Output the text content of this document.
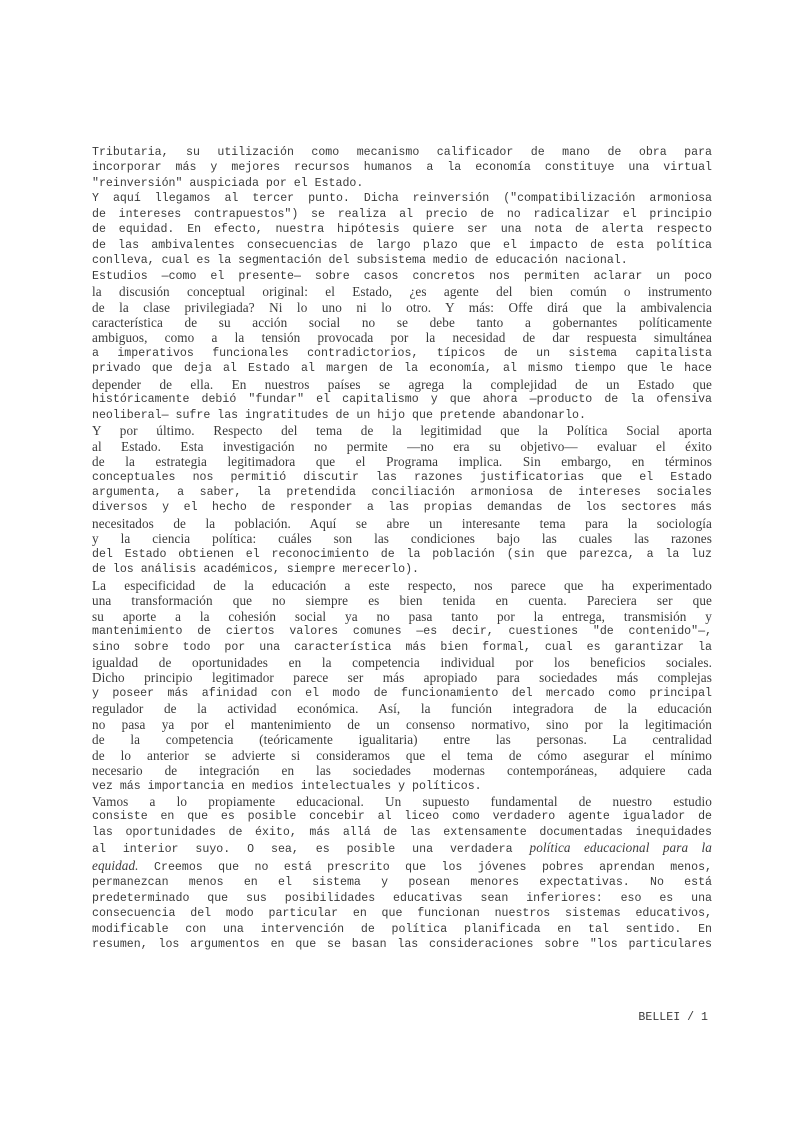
Tributaria, su utilización como mecanismo calificador de mano de obra para
incorporar más y mejores recursos humanos a la economía constituye una virtual
"reinversión" auspiciada por el Estado.
Y aquí llegamos al tercer punto. Dicha reinversión ("compatibilización armoniosa
de intereses contrapuestos") se realiza al precio de no radicalizar el principio
de equidad. En efecto, nuestra hipótesis quiere ser una nota de alerta respecto
de las ambivalentes consecuencias de largo plazo que el impacto de esta política
conlleva, cual es la segmentación del subsistema medio de educación nacional.
Estudios —como el presente— sobre casos concretos nos permiten aclarar un poco
la discusión conceptual original: el Estado, ¿es agente del bien común o instrumento
de la clase privilegiada? Ni lo uno ni lo otro. Y más: Offe dirá que la ambivalencia
característica de su acción social no se debe tanto a gobernantes políticamente
ambiguos, como a la tensión provocada por la necesidad de dar respuesta simultánea
a imperativos funcionales contradictorios, típicos de un sistema capitalista
privado que deja al Estado al margen de la economía, al mismo tiempo que le hace
depender de ella. En nuestros países se agrega la complejidad de un Estado que
históricamente debió "fundar" el capitalismo y que ahora —producto de la ofensiva
neoliberal— sufre las ingratitudes de un hijo que pretende abandonarlo.
Y por último. Respecto del tema de la legitimidad que la Política Social aporta
al Estado. Esta investigación no permite —no era su objetivo— evaluar el éxito
de la estrategia legitimadora que el Programa implica. Sin embargo, en términos
conceptuales nos permitió discutir las razones justificatorias que el Estado
argumenta, a saber, la pretendida conciliación armoniosa de intereses sociales
diversos y el hecho de responder a las propias demandas de los sectores más
necesitados de la población. Aquí se abre un interesante tema para la sociología
y la ciencia política: cuáles son las condiciones bajo las cuales las razones
del Estado obtienen el reconocimiento de la población (sin que parezca, a la luz
de los análisis académicos, siempre merecerlo).
La especificidad de la educación a este respecto, nos parece que ha experimentado
una transformación que no siempre es bien tenida en cuenta. Pareciera ser que
su aporte a la cohesión social ya no pasa tanto por la entrega, transmisión y
mantenimiento de ciertos valores comunes —es decir, cuestiones "de contenido"—,
sino sobre todo por una característica más bien formal, cual es garantizar la
igualdad de oportunidades en la competencia individual por los beneficios sociales.
Dicho principio legitimador parece ser más apropiado para sociedades más complejas
y poseer más afinidad con el modo de funcionamiento del mercado como principal
regulador de la actividad económica. Así, la función integradora de la educación
no pasa ya por el mantenimiento de un consenso normativo, sino por la legitimación
de la competencia (teóricamente igualitaria) entre las personas. La centralidad
de lo anterior se advierte si consideramos que el tema de cómo asegurar el mínimo
necesario de integración en las sociedades modernas contemporáneas, adquiere cada
vez más importancia en medios intelectuales y políticos.
Vamos a lo propiamente educacional. Un supuesto fundamental de nuestro estudio
consiste en que es posible concebir al liceo como verdadero agente igualador de
las oportunidades de éxito, más allá de las extensamente documentadas inequidades
al interior suyo. O sea, es posible una verdadera política educacional para la
equidad. Creemos que no está prescrito que los jóvenes pobres aprendan menos,
permanezcan menos en el sistema y posean menores expectativas. No está
predeterminado que sus posibilidades educativas sean inferiores: eso es una
consecuencia del modo particular en que funcionan nuestros sistemas educativos,
modificable con una intervención de política planificada en tal sentido. En
resumen, los argumentos en que se basan las consideraciones sobre "los particulares
BELLEI / 1
